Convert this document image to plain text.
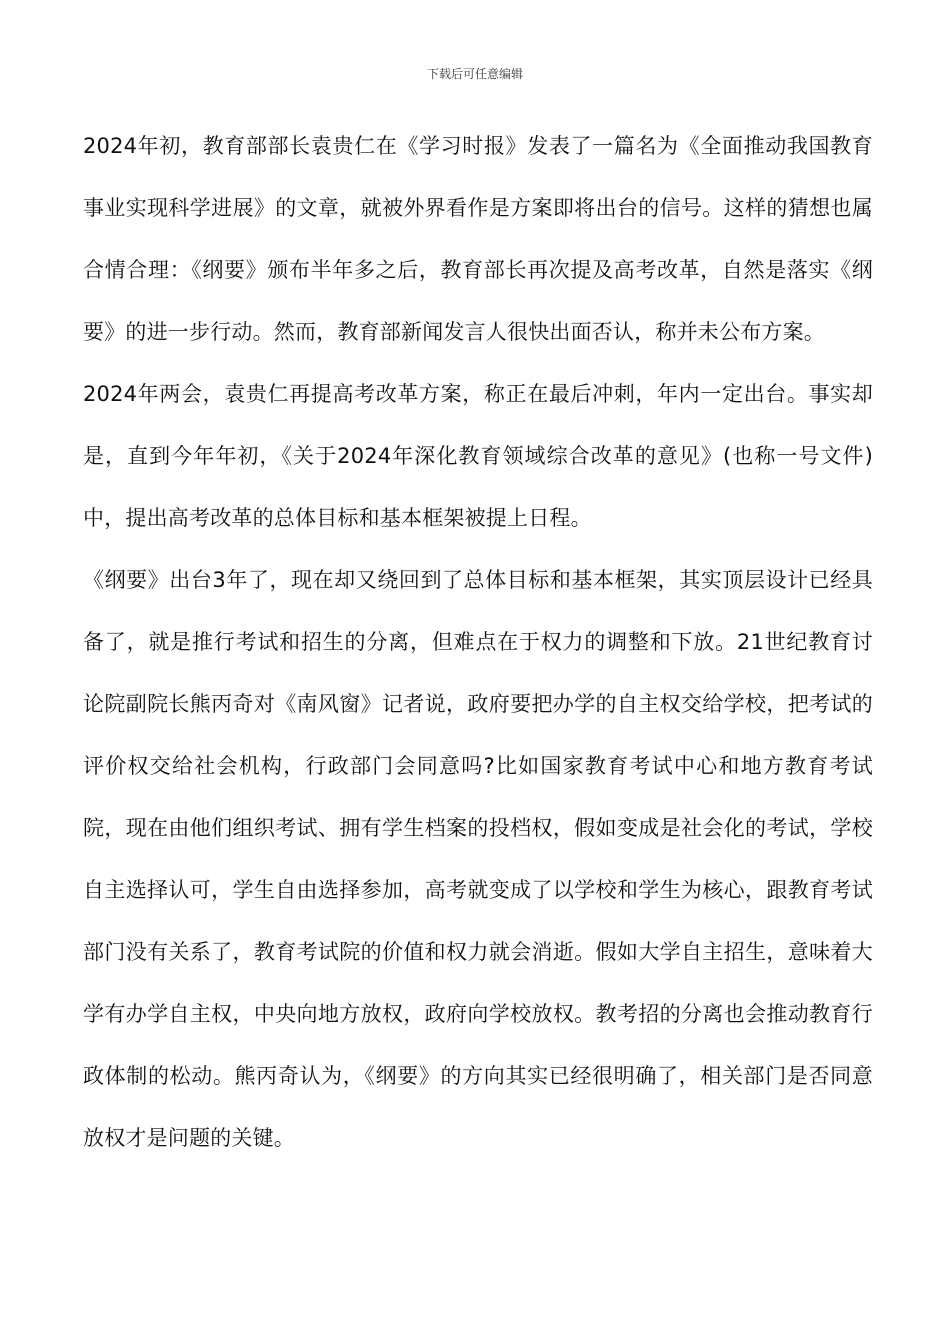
下载后可任意编辑

2024年初，教育部部长袁贵仁在《学习时报》发表了一篇名为《全面推动我国教育事业实现科学进展》的文章，就被外界看作是方案即将出台的信号。这样的猜想也属合情合理：《纲要》颁布半年多之后，教育部长再次提及高考改革，自然是落实《纲要》的进一步行动。然而，教育部新闻发言人很快出面否认，称并未公布方案。

2024年两会，袁贵仁再提高考改革方案，称正在最后冲刺，年内一定出台。事实却是，直到今年年初，《关于2024年深化教育领域综合改革的意见》(也称一号文件)中，提出高考改革的总体目标和基本框架被提上日程。

《纲要》出台3年了，现在却又绕回到了总体目标和基本框架，其实顶层设计已经具备了，就是推行考试和招生的分离，但难点在于权力的调整和下放。21世纪教育讨论院副院长熊丙奇对《南风窗》记者说，政府要把办学的自主权交给学校，把考试的评价权交给社会机构，行政部门会同意吗?比如国家教育考试中心和地方教育考试院，现在由他们组织考试、拥有学生档案的投档权，假如变成是社会化的考试，学校自主选择认可，学生自由选择参加，高考就变成了以学校和学生为核心，跟教育考试部门没有关系了，教育考试院的价值和权力就会消逝。假如大学自主招生，意味着大学有办学自主权，中央向地方放权，政府向学校放权。教考招的分离也会推动教育行政体制的松动。熊丙奇认为，《纲要》的方向其实已经很明确了，相关部门是否同意放权才是问题的关键。
